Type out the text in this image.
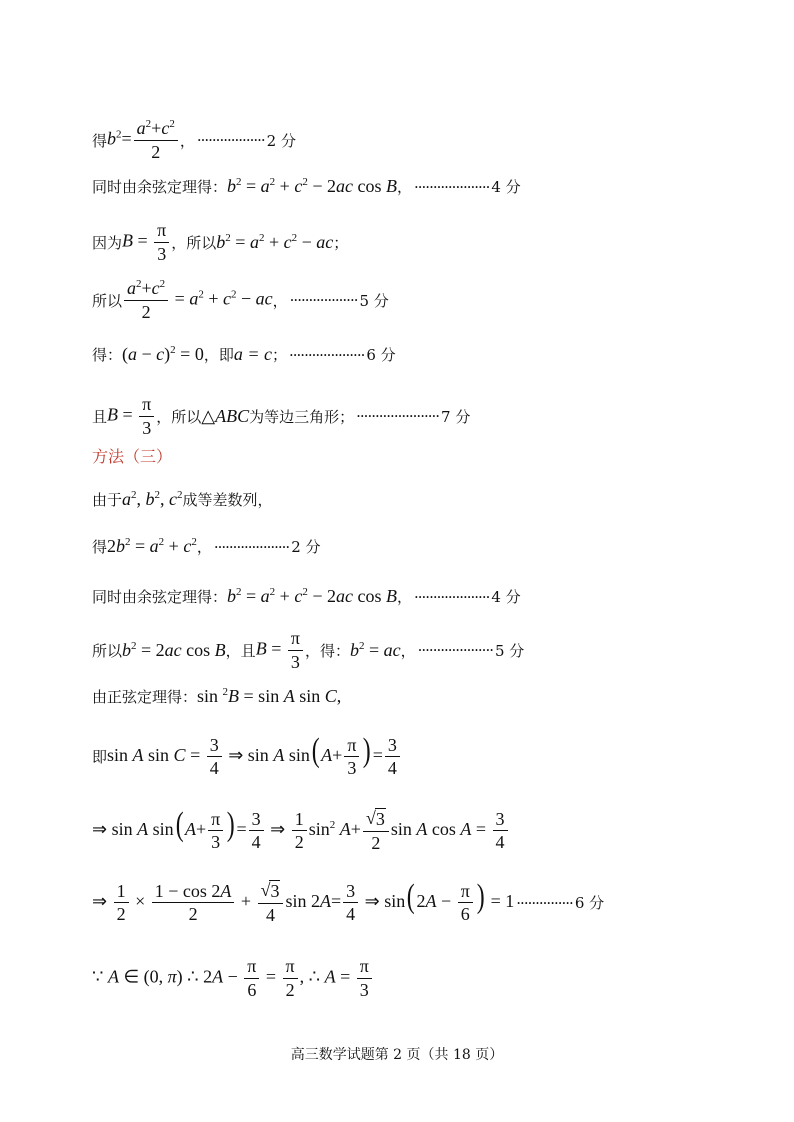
得 $b^2= \frac{a^2+c^2}{2}$ ， ·················· 2 分
同时由余弦定理得： $b^2 = a^2 + c^2 - 2ac$ cos B ， ···················· 4 分
因为 $B = \frac{\pi}{3}$ ，所以 $b^2 = a^2 + c^2$ − ac ；
所以 $\frac{a^2+c^2}{2} = a^2 + c^2$ − ac ， ·················· 5 分
得： $(a - c)^2 = 0$ ，即 a = c ； ···················· 6 分
且 $B = \frac{\pi}{3}$ ，所以 △ABC 为等边三角形； ······················ 7 分
方法（三）
由于 $a^2$, $b^2$, $c^2$ 成等差数列，
得 $2b^2 = a^2 + c^2$ ， ···················· 2 分
同时由余弦定理得： $b^2 = a^2 + c^2 - 2ac$ cos B ， ···················· 4 分
所以 $b^2 = 2ac$ cos B ，且 $B = \frac{\pi}{3}$ ，得： $b^2$ = ac ， ···················· 5 分
由正弦定理得： sin $^2$B = sin A sin C,
即 sin A $\sin C = \frac{3}{4}$ ⇒ sin A $\sin(A+ \frac{\pi}{3}$ )= $\frac{3}{4}$
⇒ sin A $\sin(A+ \frac{\pi}{3}$ )= $\frac{3}{4}$ ⇒ $\frac{1}{2} \sin^2 A+ \frac{√ 3}{2}$ sin A $\cos A = \frac{3}{4}$
⇒ $\frac{1}{2} \times \frac{1 - \cos 2A}{2} + \frac{√ 3}{4}$ $\sin 2A= \frac{3}{4}$ ⇒ $\sin(2A - \frac{\pi}{6}$ ) = 1 ··············· 6 分
∵ A ∈ (0, π) ∴ $2A - \frac{\pi}{6} = \frac{\pi}{2}$ , ∴ $A = \frac{\pi}{3}$
高三数学试题第 2 页（共 18 页）
